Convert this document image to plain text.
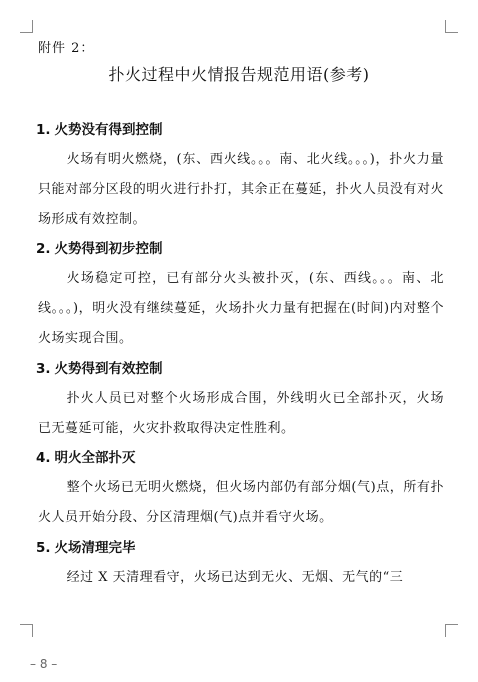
附件 2：
扑火过程中火情报告规范用语(参考)
1. 火势没有得到控制

火场有明火燃烧，(东、西火线。。。南、北火线。。。)，扑火力量只能对部分区段的明火进行扑打，其余正在蔓延，扑火人员没有对火场形成有效控制。

2. 火势得到初步控制

火场稳定可控，已有部分火头被扑灭，(东、西线。。。南、北线。。。)，明火没有继续蔓延，火场扑火力量有把握在(时间)内对整个火场实现合围。

3. 火势得到有效控制

扑火人员已对整个火场形成合围，外线明火已全部扑灭，火场已无蔓延可能，火灾扑救取得决定性胜利。

4. 明火全部扑灭

整个火场已无明火燃烧，但火场内部仍有部分烟(气)点，所有扑火人员开始分段、分区清理烟(气)点并看守火场。

5. 火场清理完毕

经过 X 天清理看守，火场已达到无火、无烟、无气的“三

– 8 –
